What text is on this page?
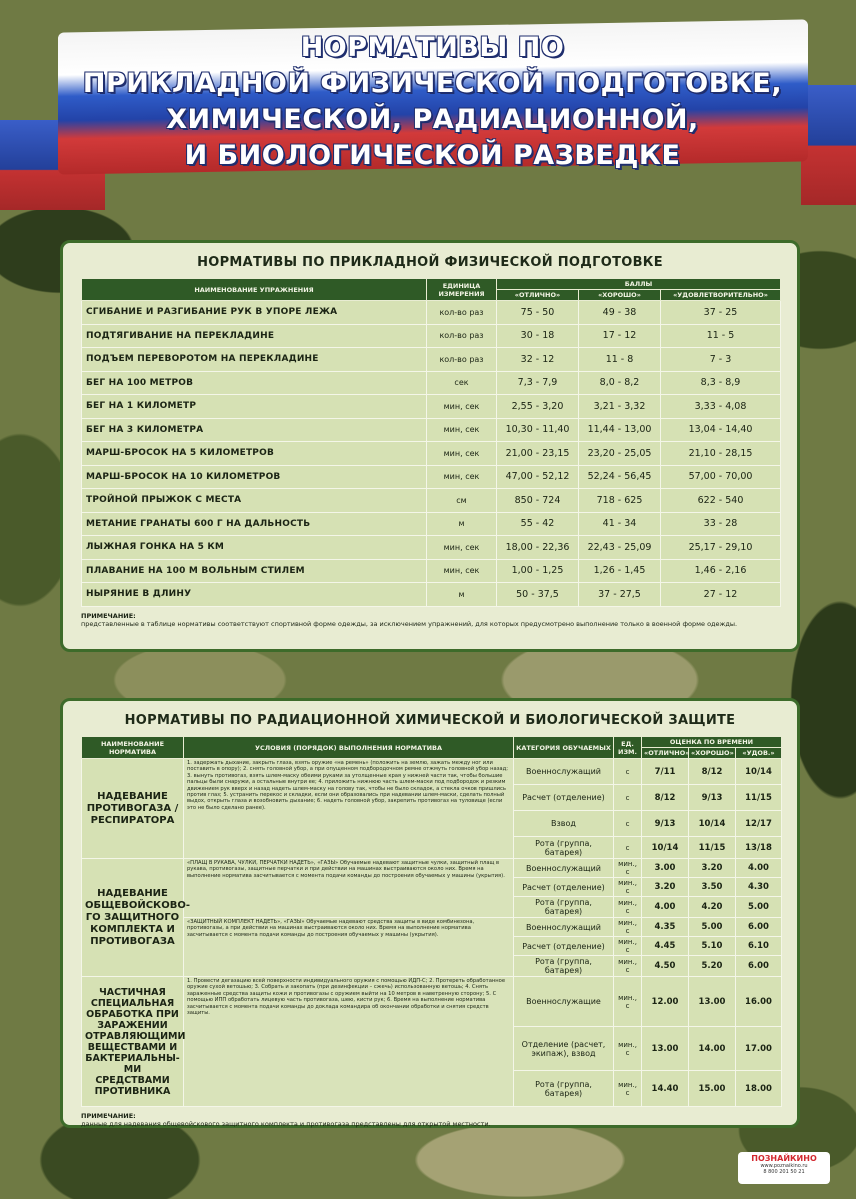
НОРМАТИВЫ ПО
ПРИКЛАДНОЙ ФИЗИЧЕСКОЙ ПОДГОТОВКЕ,
ХИМИЧЕСКОЙ, РАДИАЦИОННОЙ,
И БИОЛОГИЧЕСКОЙ РАЗВЕДКЕ
НОРМАТИВЫ ПО ПРИКЛАДНОЙ ФИЗИЧЕСКОЙ ПОДГОТОВКЕ
НАИМЕНОВАНИЕ УПРАЖНЕНИЯ	ЕДИНИЦА ИЗМЕРЕНИЯ	БАЛЛЫ		
		«ОТЛИЧНО»	«ХОРОШО»	«УДОВЛЕТВОРИТЕЛЬНО»
СГИБАНИЕ И РАЗГИБАНИЕ РУК В УПОРЕ ЛЕЖА	кол-во раз	75 - 50	49 - 38	37 - 25
ПОДТЯГИВАНИЕ НА ПЕРЕКЛАДИНЕ	кол-во раз	30 - 18	17 - 12	11 - 5
ПОДЪЕМ ПЕРЕВОРОТОМ НА ПЕРЕКЛАДИНЕ	кол-во раз	32 - 12	11 - 8	7 - 3
БЕГ НА 100 МЕТРОВ	сек	7,3 - 7,9	8,0 - 8,2	8,3 - 8,9
БЕГ НА 1 КИЛОМЕТР	мин, сек	2,55 - 3,20	3,21 - 3,32	3,33 - 4,08
БЕГ НА 3 КИЛОМЕТРА	мин, сек	10,30 - 11,40	11,44 - 13,00	13,04 - 14,40
МАРШ-БРОСОК НА 5 КИЛОМЕТРОВ	мин, сек	21,00 - 23,15	23,20 - 25,05	21,10 - 28,15
МАРШ-БРОСОК НА 10 КИЛОМЕТРОВ	мин, сек	47,00 - 52,12	52,24 - 56,45	57,00 - 70,00
ТРОЙНОЙ ПРЫЖОК С МЕСТА	см	850 - 724	718 - 625	622 - 540
МЕТАНИЕ ГРАНАТЫ 600 Г НА ДАЛЬНОСТЬ	м	55 - 42	41 - 34	33 - 28
ЛЫЖНАЯ ГОНКА НА 5 КМ	мин, сек	18,00 - 22,36	22,43 - 25,09	25,17 - 29,10
ПЛАВАНИЕ НА 100 М ВОЛЬНЫМ СТИЛЕМ	мин, сек	1,00 - 1,25	1,26 - 1,45	1,46 - 2,16
НЫРЯНИЕ В ДЛИНУ	м	50 - 37,5	37 - 27,5	27 - 12
ПРИМЕЧАНИЕ:
представленные в таблице нормативы соответствуют спортивной форме одежды, за исключением упражнений, для которых предусмотрено выполнение только в военной форме одежды.
НОРМАТИВЫ ПО РАДИАЦИОННОЙ ХИМИЧЕСКОЙ И БИОЛОГИЧЕСКОЙ ЗАЩИТЕ
НАИМЕНОВАНИЕ НОРМАТИВА	УСЛОВИЯ (ПОРЯДОК) ВЫПОЛНЕНИЯ НОРМАТИВА	КАТЕГОРИЯ ОБУЧАЕМЫХ	ЕД. ИЗМ.	ОЦЕНКА ПО ВРЕМЕНИ		
				«ОТЛИЧНО»	«ХОРОШО»	«УДОВ.»
НАДЕВАНИЕ ПРОТИВОГАЗА / РЕСПИРАТОРА	1. задержать дыхание, закрыть глаза, взять оружие «на ремень» (положить на землю, зажать между ног или поставить в опору); 2. снять головной убор, а при опущенном подбородочном ремне отжмуть головной убор назад; 3. вынуть противогаз, взять шлем-маску обеими руками за утолщенные края у нижней части так, чтобы большие пальцы были снаружи, а остальные внутри ее; 4. приложить нижнюю часть шлем-маски под подбородок и резким движением рук вверх и назад надеть шлем-маску на голову так, чтобы не было складок, а стекла очков пришлись против глаз; 5. устранить перекос и складки, если они образовались при надевании шлем-маски, сделать полный выдох, открыть глаза и возобновить дыхание; 6. надеть головной убор, закрепить противогаз на туловище (если это не было сделано ранее).	Военнослужащий	с	7/11	8/12	10/14
		Расчет (отделение)	с	8/12	9/13	11/15
		Взвод	с	9/13	10/14	12/17
		Рота (группа, батарея)	с	10/14	11/15	13/18
НАДЕВАНИЕ ОБЩЕВОЙСКОВО-ГО ЗАЩИТНОГО КОМПЛЕКТА И ПРОТИВОГАЗА	«ПЛАЩ В РУКАВА, ЧУЛКИ, ПЕРЧАТКИ НАДЕТЬ», «ГАЗЫ» Обучаемые надевают защитные чулки, защитный плащ в рукава, противогазы, защитные перчатки и при действии на машинах выстраиваются около них. Время на выполнение норматива засчитывается с момента подачи команды до построения обучаемых у машины (укрытия).	Военнослужащий	мин., с	3.00	3.20	4.00
		Расчет (отделение)	мин., с	3.20	3.50	4.30
		Рота (группа, батарея)	мин., с	4.00	4.20	5.00
	«ЗАЩИТНЫЙ КОМПЛЕКТ НАДЕТЬ», «ГАЗЫ» Обучаемые надевают средства защиты в виде комбинезона, противогазы, а при действии на машинах выстраиваются около них. Время на выполнение норматива засчитывается с момента подачи команды до построения обучаемых у машины (укрытия).	Военнослужащий	мин., с	4.35	5.00	6.00
		Расчет (отделение)	мин., с	4.45	5.10	6.10
		Рота (группа, батарея)	мин., с	4.50	5.20	6.00
ЧАСТИЧНАЯ СПЕЦИАЛЬНАЯ ОБРАБОТКА ПРИ ЗАРАЖЕНИИ ОТРАВЛЯЮЩИМИ ВЕЩЕСТВАМИ И БАКТЕРИАЛЬНЫ-МИ СРЕДСТВАМИ ПРОТИВНИКА	1. Провести дегазацию всей поверхности индивидуального оружия с помощью ИДП-С; 2. Протереть обработанное оружие сухой ветошью; 3. Собрать и закопать (при дезинфекции – сжечь) использованную ветошь; 4. Снять зараженные средства защиты кожи и противогазы с оружием выйти на 10 метров в наветренную сторону; 5. С помощью ИПП обработать лицевую часть противогаза, шею, кисти рук; 6. Время на выполнение норматива засчитывается с момента подачи команды до доклада командира об окончании обработки и снятия средств защиты.	Военнослужащие	мин., с	12.00	13.00	16.00
		Отделение (расчет, экипаж), взвод	мин., с	13.00	14.00	17.00
		Рота (группа, батарея)	мин., с	14.40	15.00	18.00
ПРИМЕЧАНИЕ:
данные для надевания общевойскового защитного комплекта и противогаза представлены для открытой местности.
ПОЗНАЙКИНО
www.poznaikino.ru
8 800 201 50 21
